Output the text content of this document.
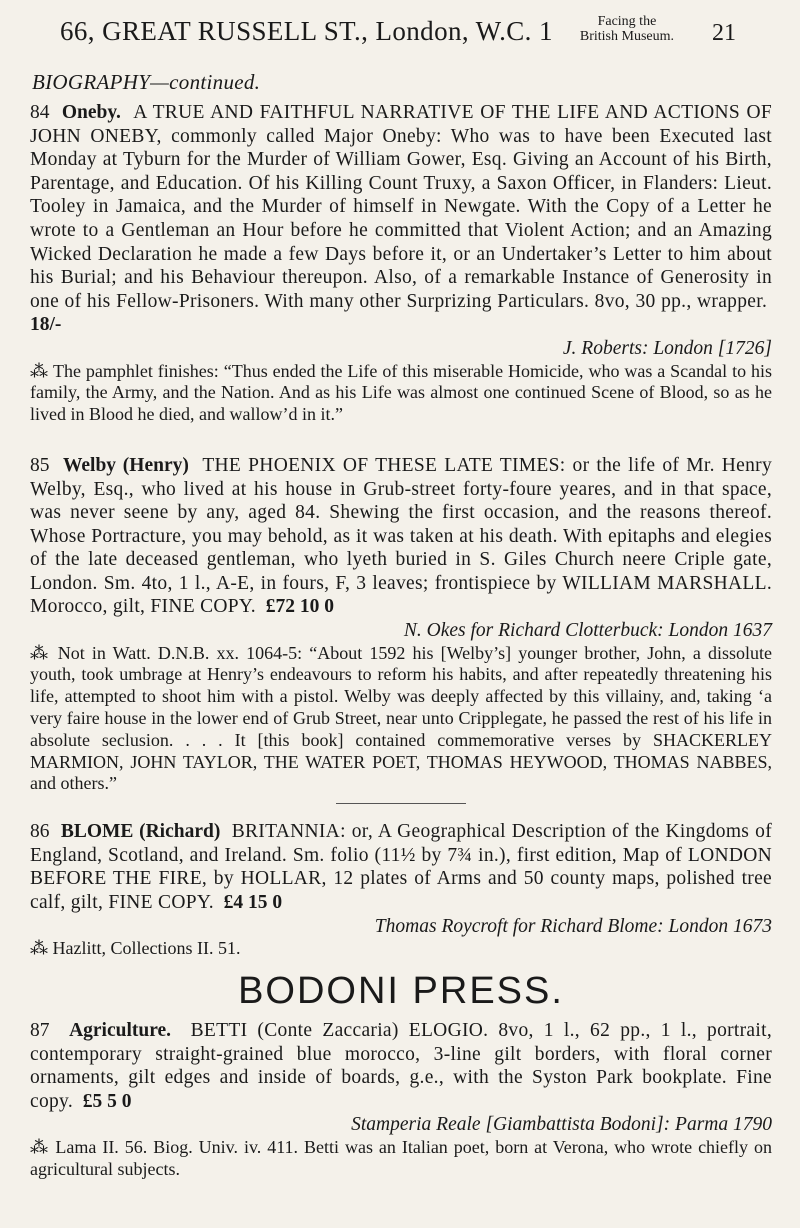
66, GREAT RUSSELL ST., London, W.C. 1	Facing the
British Museum. 21
BIOGRAPHY—continued.

84 Oneby. A TRUE AND FAITHFUL NARRATIVE OF THE LIFE AND ACTIONS OF JOHN ONEBY, commonly called Major Oneby: Who was to have been Executed last Monday at Tyburn for the Murder of William Gower, Esq. Giving an Account of his Birth, Parentage, and Education. Of his Killing Count Truxy, a Saxon Officer, in Flanders: Lieut. Tooley in Jamaica, and the Murder of himself in Newgate. With the Copy of a Letter he wrote to a Gentleman an Hour before he committed that Violent Action; and an Amazing Wicked Declaration he made a few Days before it, or an Undertaker’s Letter to him about his Burial; and his Behaviour thereupon. Also, of a remarkable Instance of Generosity in one of his Fellow-Prisoners. With many other Surprizing Particulars. 8vo, 30 pp., wrapper.  18/-

J. Roberts: London [1726]

⁂ The pamphlet finishes: “Thus ended the Life of this miserable Homicide, who was a Scandal to his family, the Army, and the Nation. And as his Life was almost one continued Scene of Blood, so as he lived in Blood he died, and wallow’d in it.”

85 Welby (Henry) THE PHOENIX OF THESE LATE TIMES: or the life of Mr. Henry Welby, Esq., who lived at his house in Grub-street forty-foure yeares, and in that space, was never seene by any, aged 84. Shewing the first occasion, and the reasons thereof. Whose Portracture, you may behold, as it was taken at his death. With epitaphs and elegies of the late deceased gentleman, who lyeth buried in S. Giles Church neere Criple gate, London. Sm. 4to, 1 l., A-E, in fours, F, 3 leaves; frontispiece by WILLIAM MARSHALL. Morocco, gilt, FINE COPY. £72 10 0

N. Okes for Richard Clotterbuck: London 1637

⁂ Not in Watt. D.N.B. xx. 1064-5: “About 1592 his [Welby’s] younger brother, John, a dissolute youth, took umbrage at Henry’s endeavours to reform his habits, and after repeatedly threatening his life, attempted to shoot him with a pistol. Welby was deeply affected by this villainy, and, taking ‘a very faire house in the lower end of Grub Street, near unto Cripplegate, he passed the rest of his life in absolute seclusion. . . . It [this book] contained commemorative verses by SHACKERLEY MARMION, JOHN TAYLOR, THE WATER POET, THOMAS HEYWOOD, THOMAS NABBES, and others.”

86 BLOME (Richard) BRITANNIA: or, A Geographical Description of the Kingdoms of England, Scotland, and Ireland. Sm. folio (11½ by 7¾ in.), first edition, Map of LONDON BEFORE THE FIRE, by HOLLAR, 12 plates of Arms and 50 county maps, polished tree calf, gilt, FINE COPY. £4 15 0

Thomas Roycroft for Richard Blome: London 1673

⁂ Hazlitt, Collections II. 51.

BODONI PRESS.

87 Agriculture. BETTI (Conte Zaccaria) ELOGIO. 8vo, 1 l., 62 pp., 1 l., portrait, contemporary straight-grained blue morocco, 3-line gilt borders, with floral corner ornaments, gilt edges and inside of boards, g.e., with the Syston Park bookplate. Fine copy. £5 5 0

Stamperia Reale [Giambattista Bodoni]: Parma 1790

⁂ Lama II. 56. Biog. Univ. iv. 411. Betti was an Italian poet, born at Verona, who wrote chiefly on agricultural subjects.
